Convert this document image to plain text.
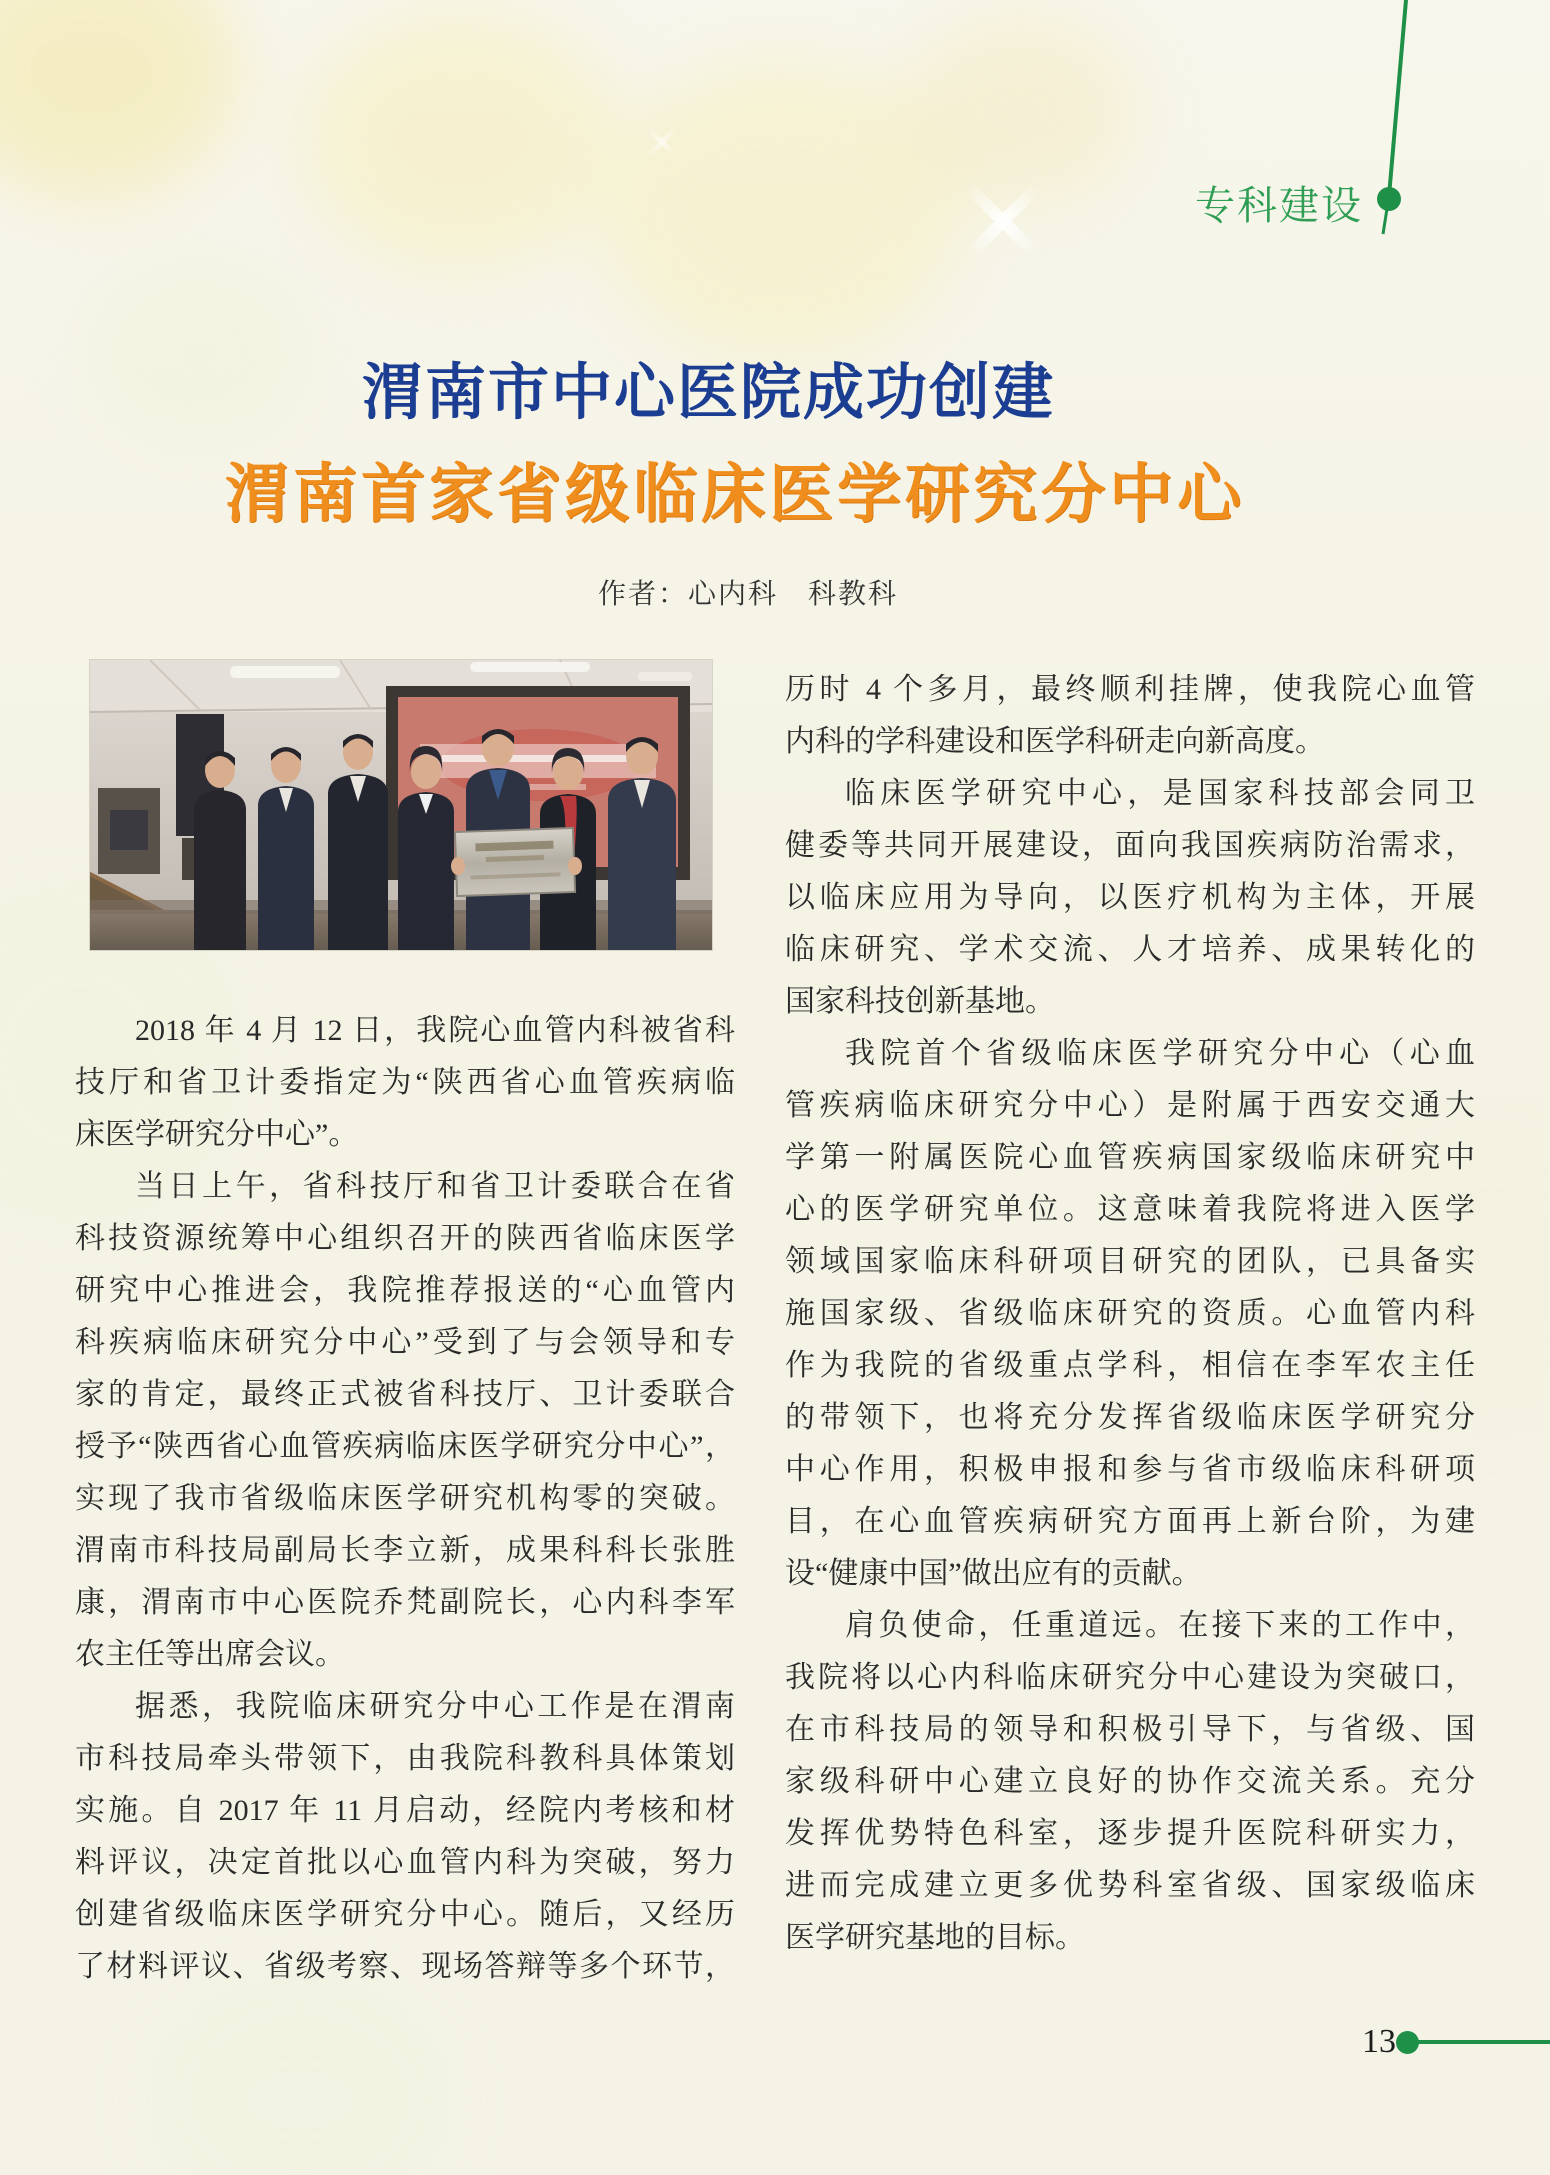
专科建设
渭南市中心医院成功创建
渭南首家省级临床医学研究分中心
作者：心内科　科教科
2018 年 4 月 12 日，我院心血管内科被省科
技厅和省卫计委指定为“陕西省心血管疾病临
床医学研究分中心”。
当日上午，省科技厅和省卫计委联合在省
科技资源统筹中心组织召开的陕西省临床医学
研究中心推进会，我院推荐报送的“心血管内
科疾病临床研究分中心”受到了与会领导和专
家的肯定，最终正式被省科技厅、卫计委联合
授予“陕西省心血管疾病临床医学研究分中心”，
实现了我市省级临床医学研究机构零的突破。
渭南市科技局副局长李立新，成果科科长张胜
康，渭南市中心医院乔梵副院长，心内科李军
农主任等出席会议。
据悉，我院临床研究分中心工作是在渭南
市科技局牵头带领下，由我院科教科具体策划
实施。自 2017 年 11 月启动，经院内考核和材
料评议，决定首批以心血管内科为突破，努力
创建省级临床医学研究分中心。随后，又经历
了材料评议、省级考察、现场答辩等多个环节，
历时 4 个多月，最终顺利挂牌，使我院心血管
内科的学科建设和医学科研走向新高度。
临床医学研究中心，是国家科技部会同卫
健委等共同开展建设，面向我国疾病防治需求，
以临床应用为导向，以医疗机构为主体，开展
临床研究、学术交流、人才培养、成果转化的
国家科技创新基地。
我院首个省级临床医学研究分中心（心血
管疾病临床研究分中心）是附属于西安交通大
学第一附属医院心血管疾病国家级临床研究中
心的医学研究单位。这意味着我院将进入医学
领域国家临床科研项目研究的团队，已具备实
施国家级、省级临床研究的资质。心血管内科
作为我院的省级重点学科，相信在李军农主任
的带领下，也将充分发挥省级临床医学研究分
中心作用，积极申报和参与省市级临床科研项
目，在心血管疾病研究方面再上新台阶，为建
设“健康中国”做出应有的贡献。
肩负使命，任重道远。在接下来的工作中，
我院将以心内科临床研究分中心建设为突破口，
在市科技局的领导和积极引导下，与省级、国
家级科研中心建立良好的协作交流关系。充分
发挥优势特色科室，逐步提升医院科研实力，
进而完成建立更多优势科室省级、国家级临床
医学研究基地的目标。
13
